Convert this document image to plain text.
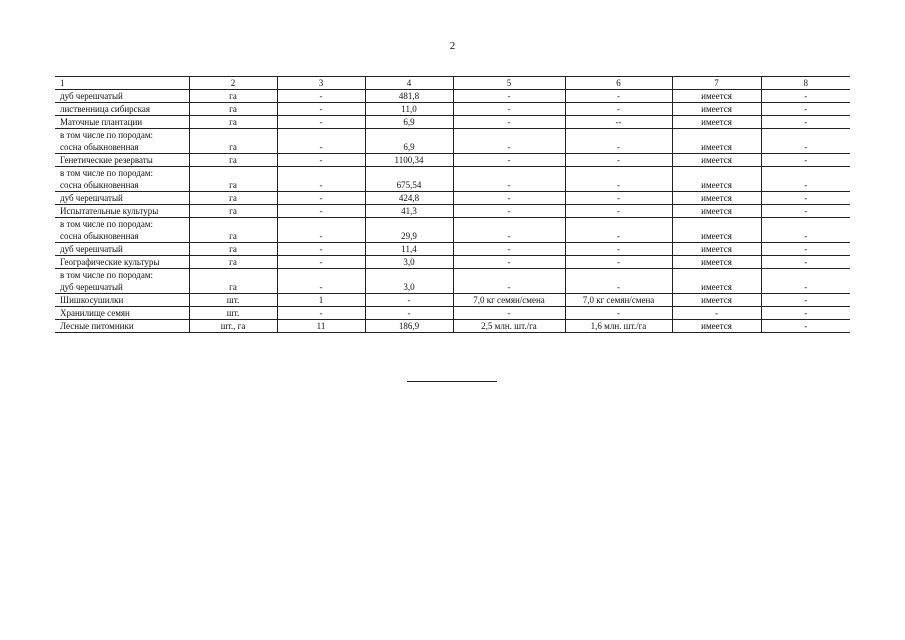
2
1	2	3	4	5	6	7	8

дуб черешчатый	га	-	481,8	-	-	имеется	-

лиственница сибирская	га	-	11,0	-	-	имеется	-

Маточные плантации	га	-	6,9	-	--	имеется	-

в том числе по породам:
сосна обыкновенная	га	-	6,9	-	-	имеется	-

Генетические резерваты	га	-	1100,34	-	-	имеется	-

в том числе по породам:
сосна обыкновенная	га	-	675,54	-	-	имеется	-

дуб черешчатый	га	-	424,8	-	-	имеется	-

Испытательные культуры	га	-	41,3	-	-	имеется	-

в том числе по породам:
сосна обыкновенная	га	-	29,9	-	-	имеется	-

дуб черешчатый	га	-	11,4	-	-	имеется	-

Географические культуры	га	-	3,0	-	-	имеется	-

в том числе по породам:
дуб черешчатый	га	-	3,0	-	-	имеется	-

Шишкосушилки	шт.	1	-	7,0 кг семян/смена	7,0 кг семян/смена	имеется	-

Хранилище семян	шт.	-	-	-	-	-	-

Лесные питомники	шт., га	11	186,9	2,5 млн. шт./га	1,6 млн. шт./га	имеется	-
